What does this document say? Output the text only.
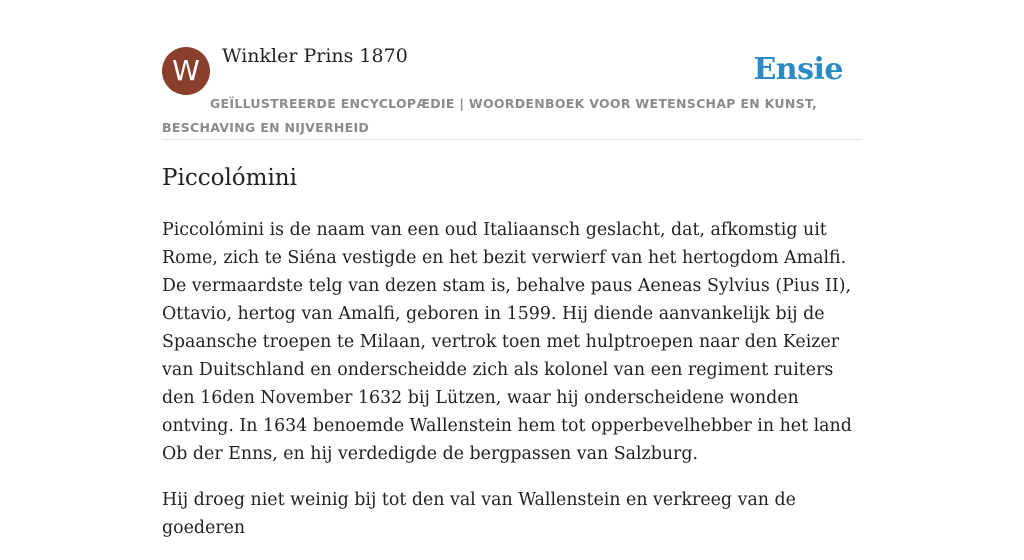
W	Winkler Prins 1870	Ensie
GEÏLLUSTREERDE ENCYCLOPÆDIE | WOORDENBOEK VOOR WETENSCHAP EN KUNST, BESCHAVING EN NIJVERHEID
Piccolómini

Piccolómini is de naam van een oud Italiaansch geslacht, dat, afkomstig uit Rome, zich te Siéna vestigde en het bezit verwierf van het hertogdom Amalfi. De vermaardste telg van dezen stam is, behalve paus Aeneas Sylvius (Pius II), Ottavio, hertog van Amalfi, geboren in 1599. Hij diende aanvankelijk bij de Spaansche troepen te Milaan, vertrok toen met hulptroepen naar den Keizer van Duitschland en onderscheidde zich als kolonel van een regiment ruiters den 16den November 1632 bij Lützen, waar hij onderscheidene wonden ontving. In 1634 benoemde Wallenstein hem tot opperbevelhebber in het land Ob der Enns, en hij verdedigde de bergpassen van Salzburg.

Hij droeg niet weinig bij tot den val van Wallenstein en verkreeg van de goederen
